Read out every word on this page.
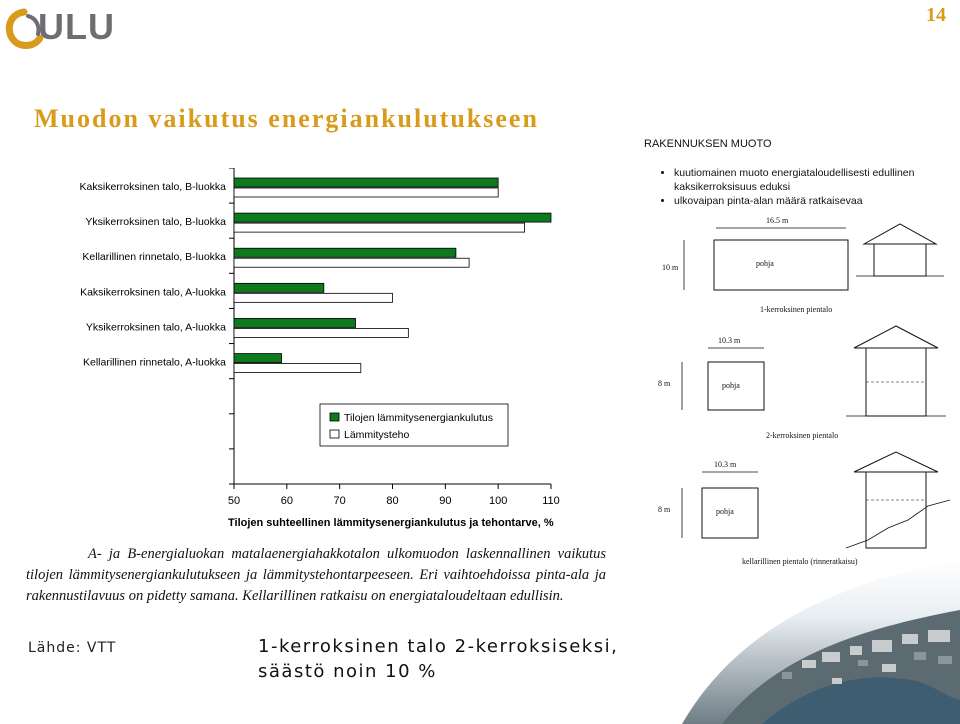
ULU	14
Muodon vaikutus energiankulutukseen
50	60	70	80	90	100	110
Tilojen suhteellinen lämmitysenergiankulutus ja tehontarve, %
Kaksikerroksinen talo, B-luokka
Yksikerroksinen talo, B-luokka
Kellarillinen rinnetalo, B-luokka
Kaksikerroksinen talo, A-luokka
Yksikerroksinen talo, A-luokka
Kellarillinen rinnetalo, A-luokka
Tilojen lämmitysenergiankulutus
Lämmitysteho
A- ja B-energialuokan matalaenergiahakkotalon ulkomuodon laskennallinen vaikutus tilojen lämmitysenergiankulutukseen ja lämmitystehontarpeeseen. Eri vaihtoehdoissa pinta-ala ja rakennustilavuus on pidetty samana. Kellarillinen ratkaisu on energiataloudeltaan edullisin.
Lähde: VTT	1-kerroksinen talo 2-kerroksiseksi,
säästö noin 10 %
RAKENNUKSEN MUOTO
• kuutiomainen muoto energiataloudellisesti edullinen kaksikerroksisuus eduksi
• ulkovaipan pinta-alan määrä ratkaisevaa
16.5 m
pohja
10 m
1-kerroksinen pientalo
10.3 m
pohja
8 m
2-kerroksinen pientalo
10.3 m
pohja
8 m
kellarillinen pientalo (rinneratkaisu)
